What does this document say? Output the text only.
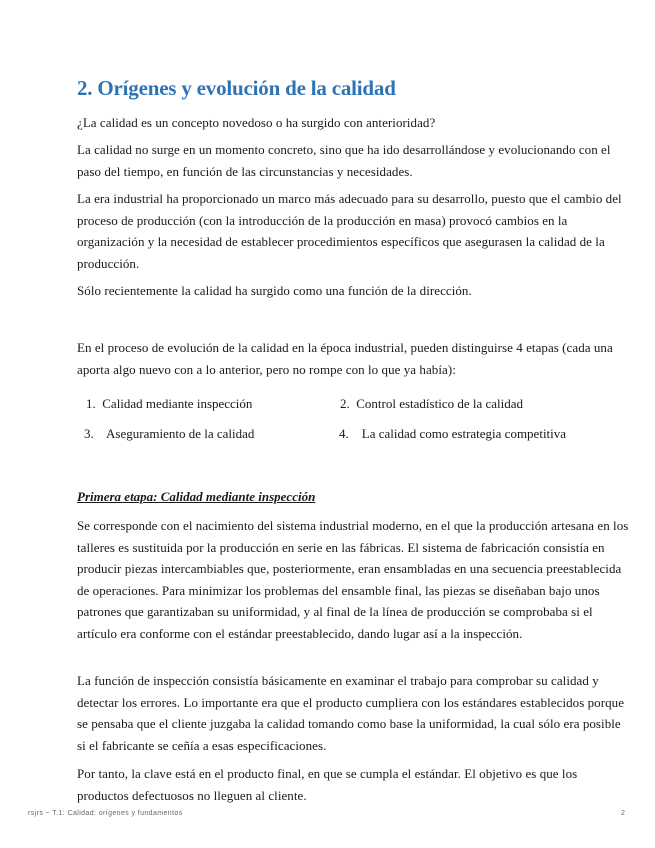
2. Orígenes y evolución de la calidad

¿La calidad es un concepto novedoso o ha surgido con anterioridad?

La calidad no surge en un momento concreto, sino que ha ido desarrollándose y evolucionando con el paso del tiempo, en función de las circunstancias y necesidades.

La era industrial ha proporcionado un marco más adecuado para su desarrollo, puesto que el cambio del proceso de producción (con la introducción de la producción en masa) provocó cambios en la organización y la necesidad de establecer procedimientos específicos que asegurasen la calidad de la producción.

Sólo recientemente la calidad ha surgido como una función de la dirección.

En el proceso de evolución de la calidad en la época industrial, pueden distinguirse 4 etapas (cada una aporta algo nuevo con a lo anterior, pero no rompe con lo que ya había):

1. Calidad mediante inspección	2. Control estadístico de la calidad
3. Aseguramiento de la calidad	4. La calidad como estrategia competitiva
Primera etapa: Calidad mediante inspección

Se corresponde con el nacimiento del sistema industrial moderno, en el que la producción artesana en los talleres es sustituida por la producción en serie en las fábricas. El sistema de fabricación consistía en producir piezas intercambiables que, posteriormente, eran ensambladas en una secuencia preestablecida de operaciones. Para minimizar los problemas del ensamble final, las piezas se diseñaban bajo unos patrones que garantizaban su uniformidad, y al final de la línea de producción se comprobaba si el artículo era conforme con el estándar preestablecido, dando lugar así a la inspección.

La función de inspección consistía básicamente en examinar el trabajo para comprobar su calidad y detectar los errores. Lo importante era que el producto cumpliera con los estándares establecidos porque se pensaba que el cliente juzgaba la calidad tomando como base la uniformidad, la cual sólo era posible si el fabricante se ceñía a esas especificaciones.

Por tanto, la clave está en el producto final, en que se cumpla el estándar. El objetivo es que los productos defectuosos no lleguen al cliente.

rsjrs ~ T.1: Calidad: orígenes y fundamentos	2
